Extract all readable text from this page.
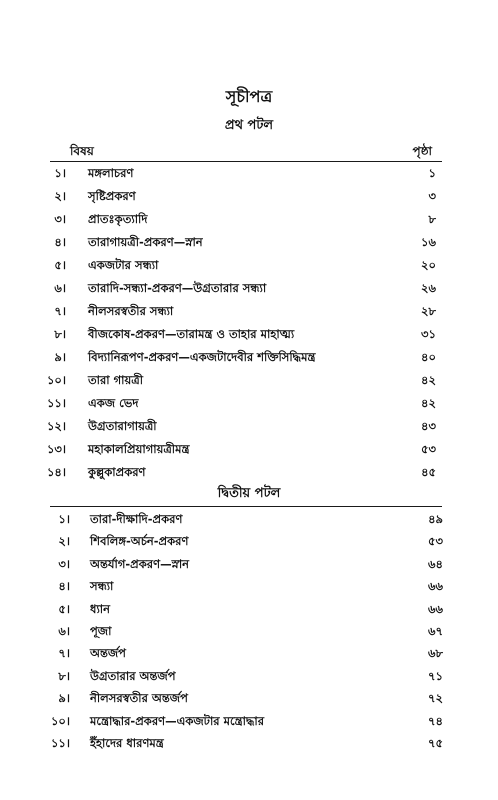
সূচীপত্র
প্রথ পটল
বিষয়	পৃষ্ঠা
১। মঙ্গলাচরণ	১
২। সৃষ্টিপ্রকরণ	৩
৩। প্রাতঃকৃত্যাদি	৮
৪। তারাগায়ত্রী-প্রকরণ—স্নান	১৬
৫। একজটার সন্ধ্যা	২০
৬। তারাদি-সন্ধ্যা-প্রকরণ—উগ্রতারার সন্ধ্যা	২৬
৭। নীলসরস্বতীর সন্ধ্যা	২৮
৮। বীজকোষ-প্রকরণ—তারামন্ত্র ও তাহার মাহাত্ম্য	৩১
৯। বিদ্যানিরূপণ-প্রকরণ—একজটাদেবীর শক্তিসিদ্ধিমন্ত্র	৪০
১০। তারা গায়ত্রী	৪২
১১। একজ ভেদ	৪২
১২। উগ্রতারাগায়ত্রী	৪৩
১৩। মহাকালপ্রিয়াগায়ত্রীমন্ত্র	৫৩
১৪। কুল্লুকাপ্রকরণ	৪৫
দ্বিতীয় পটল
১। তারা-দীক্ষাদি-প্রকরণ	৪৯
২। শিবলিঙ্গ-অর্চন-প্রকরণ	৫৩
৩। অন্তর্যাগ-প্রকরণ—স্নান	৬৪
৪। সন্ধ্যা	৬৬
৫। ধ্যান	৬৬
৬। পূজা	৬৭
৭। অন্তর্জপ	৬৮
৮। উগ্রতারার অন্তর্জপ	৭১
৯। নীলসরস্বতীর অন্তর্জপ	৭২
১০। মন্ত্রোদ্ধার-প্রকরণ—একজটার মন্ত্রোদ্ধার	৭৪
১১। ইঁহাদের ধারণমন্ত্র	৭৫
